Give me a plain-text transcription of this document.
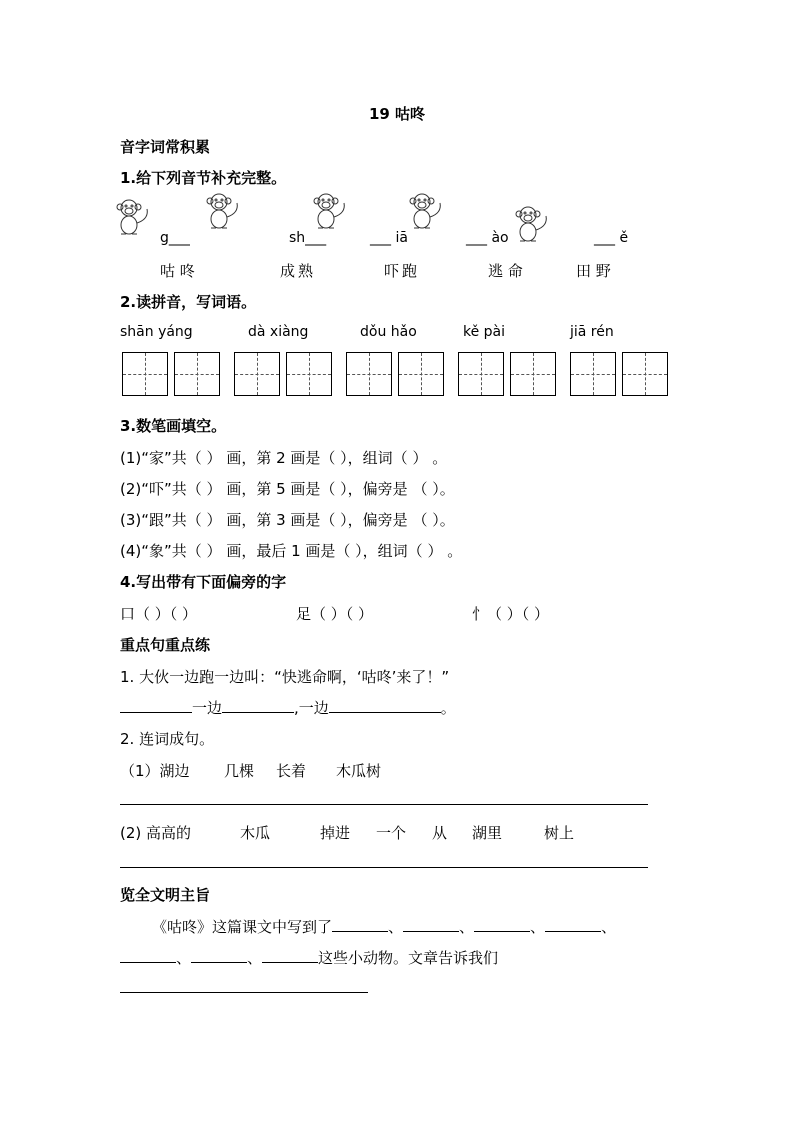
19 咕咚
音字词常积累
1.给下列音节补充完整。
g___	sh___	___ iā	___ ào	___ ě
咕 咚	成熟	吓跑	逃 命	田 野
2.读拼音，写词语。
shān yáng	dà xiàng	dǒu hǎo	kě pài	jiā rén
3.数笔画填空。
(1)“家”共（ ） 画，第 2 画是（ ），组词（ ） 。
(2)“吓”共（ ） 画，第 5 画是（ ），偏旁是 （ ）。
(3)“跟”共（ ） 画，第 3 画是（ ），偏旁是 （ ）。
(4)“象”共（ ） 画，最后 1 画是（ ），组词（ ） 。
4.写出带有下面偏旁的字
口（ ）（ ）	足（ ）（ ）	忄（ ）（ ）
重点句重点练
1. 大伙一边跑一边叫：“快逃命啊，‘咕咚’来了！”
一边	,一边	。
2. 连词成句。
（1）湖边 几棵 长着 木瓜树
(2) 高高的	木瓜	掉进 一个 从 湖里	树上
览全文明主旨
《咕咚》这篇课文中写到了	、	、	、	、
、	、	这些小动物。文章告诉我们
